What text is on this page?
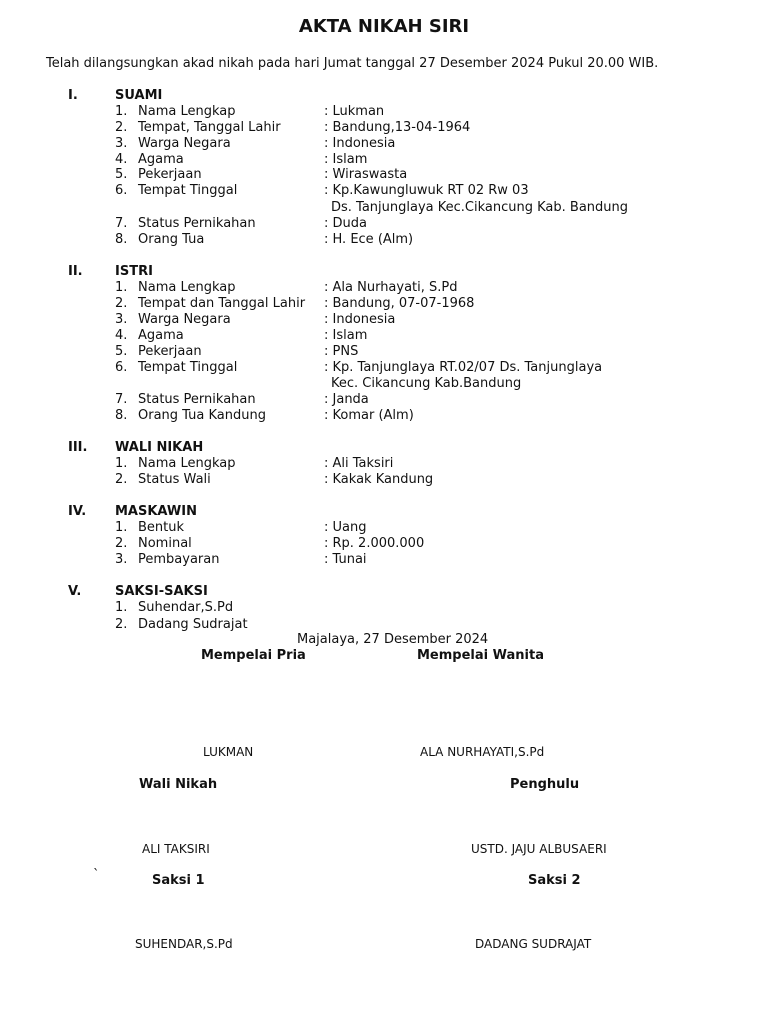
AKTA NIKAH SIRI
Telah dilangsungkan akad nikah pada hari Jumat tanggal 27 Desember 2024 Pukul 20.00 WIB.
I.	SUAMI
1. Nama Lengkap	: Lukman
2. Tempat, Tanggal Lahir	: Bandung,13-04-1964
3. Warga Negara	: Indonesia
4. Agama	: Islam
5. Pekerjaan	: Wiraswasta
6. Tempat Tinggal	: Kp.Kawungluwuk RT 02 Rw 03
Ds. Tanjunglaya Kec.Cikancung Kab. Bandung
7. Status Pernikahan	: Duda
8. Orang Tua	: H. Ece (Alm)
II. ISTRI
1. Nama Lengkap	: Ala Nurhayati, S.Pd
2. Tempat dan Tanggal Lahir : Bandung, 07-07-1968
3. Warga Negara	: Indonesia
4. Agama	: Islam
5. Pekerjaan	: PNS
6. Tempat Tinggal	: Kp. Tanjunglaya RT.02/07 Ds. Tanjunglaya
Kec. Cikancung Kab.Bandung
7. Status Pernikahan	: Janda
8. Orang Tua Kandung	: Komar (Alm)
III. WALI NIKAH
1. Nama Lengkap	: Ali Taksiri
2. Status Wali	: Kakak Kandung
IV. MASKAWIN
1. Bentuk	: Uang
2. Nominal	: Rp. 2.000.000
3. Pembayaran	: Tunai
V.	SAKSI-SAKSI
1. Suhendar,S.Pd
2. Dadang Sudrajat
Majalaya, 27 Desember 2024
Mempelai Pria	Mempelai Wanita
LUKMAN	ALA NURHAYATI,S.Pd
Wali Nikah	Penghulu
ALI TAKSIRI	USTD. JAJU ALBUSAERI
`	Saksi 1	Saksi 2
SUHENDAR,S.Pd	DADANG SUDRAJAT
